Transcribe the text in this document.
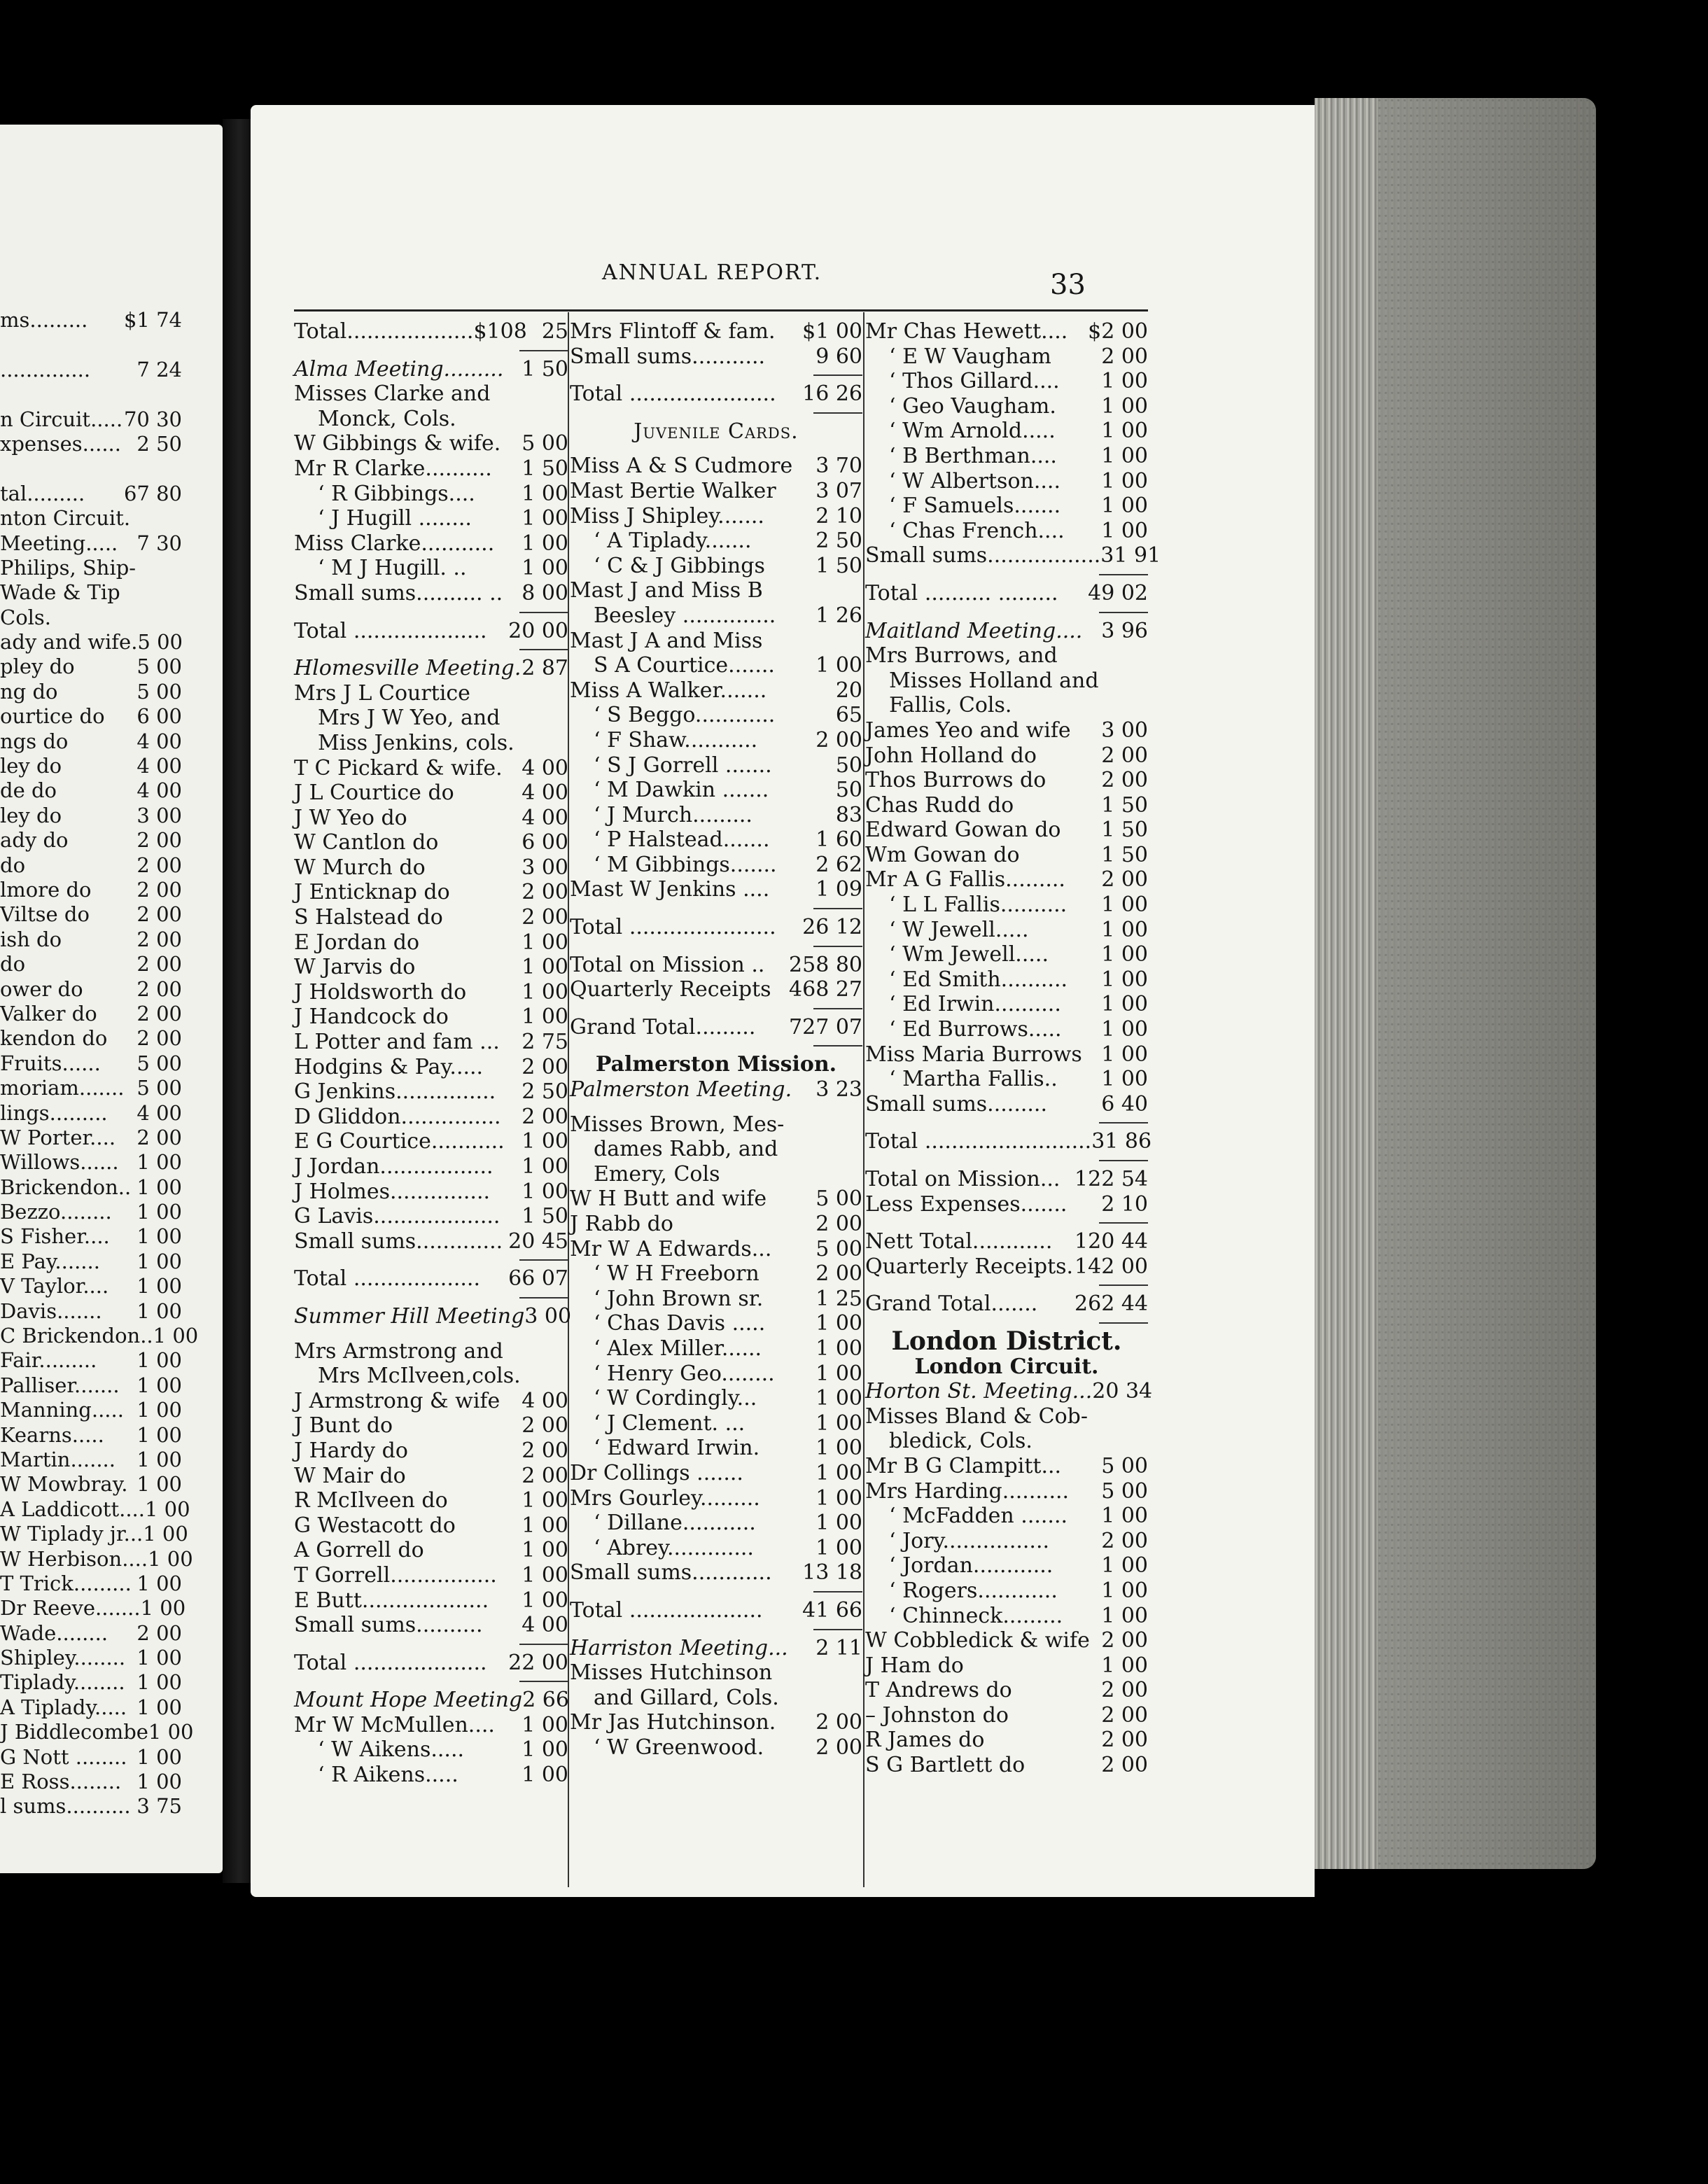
ms......... $1 74
.............. 7 24
n Circuit..... 70 30
xpenses...... 2 50
tal......... 67 80
nton Circuit.
Meeting..... 7 30
Philips, Ship-
Wade & Tip
Cols.
ady and wife. 5 00
pley do	5 00
ng do	5 00
ourtice do 6 00
ngs do	4 00
ley do	4 00
de do	4 00
ley do	3 00
ady do	2 00
do	2 00
lmore do 2 00
Viltse do 2 00
ish do	2 00
do	2 00
ower do	2 00
Valker do 2 00
kendon do 2 00
Fruits...... 5 00
moriam....... 5 00
lings......... 4 00
W Porter.... 2 00
Willows...... 1 00
Brickendon.. 1 00
Bezzo........ 1 00
S Fisher.... 1 00
E Pay....... 1 00
V Taylor.... 1 00
Davis....... 1 00
C Brickendon.. 1 00
Fair......... 1 00
Palliser....... 1 00
Manning..... 1 00
Kearns..... 1 00
Martin....... 1 00
W Mowbray. 1 00
A Laddicott.... 1 00
W Tiplady jr... 1 00
W Herbison.... 1 00
T Trick......... 1 00
Dr Reeve....... 1 00
Wade........ 2 00
Shipley........ 1 00
Tiplady........ 1 00
A Tiplady..... 1 00
J Biddlecombe 1 00
G Nott ........ 1 00
E Ross........ 1 00
l sums.......... 3 75
ANNUAL REPORT.	33
Total...................$108 25
Alma Meeting......... 1 50
Misses Clarke and
Monck, Cols.
W Gibbings & wife. 5 00
Mr R Clarke..........	1 50
‘ R Gibbings....	1 00
‘ J Hugill ........	1 00
Miss Clarke...........	1 00
‘ M J Hugill. ..	1 00
Small sums.......... .. 8 00
Total ....................	20 00
Hlomesville Meeting. 2 87
Mrs J L Courtice
Mrs J W Yeo, and
Miss Jenkins, cols.
T C Pickard & wife. 4 00
J L Courtice do	4 00
J W Yeo do	4 00
W Cantlon do	6 00
W Murch do	3 00
J Enticknap do	2 00
S Halstead do	2 00
E Jordan do	1 00
W Jarvis do	1 00
J Holdsworth do	1 00
J Handcock do	1 00
L Potter and fam ...	2 75
Hodgins & Pay.....	2 00
G Jenkins...............	2 50
D Gliddon............... 2 00
E G Courtice........... 1 00
J Jordan.................	1 00
J Holmes...............	1 00
G Lavis...................	1 50
Small sums............. 20 45
Total ...................	66 07
Summer Hill Meeting 3 00
Mrs Armstrong and
Mrs McIlveen,cols.
J Armstrong & wife	4 00
J Bunt do	2 00
J Hardy do	2 00
W Mair do	2 00
R McIlveen do	1 00
G Westacott do	1 00
A Gorrell do	1 00
T Gorrell................	1 00
E Butt...................	1 00
Small sums..........	4 00
Total ....................	22 00
Mount Hope Meeting 2 66
Mr W McMullen....	1 00
‘ W Aikens.....	1 00
‘ R Aikens.....	1 00
Mrs Flintoff & fam.	$1 00
Small sums...........	9 60
Total ......................	16 26
Juvenile Cards.
Miss A & S Cudmore	3 70
Mast Bertie Walker	3 07
Miss J Shipley.......	2 10
‘ A Tiplady.......	2 50
‘ C & J Gibbings	1 50
Mast J and Miss B
Beesley ..............	1 26
Mast J A and Miss
S A Courtice.......	1 00
Miss A Walker.......	20
‘ S Beggo............	65
‘ F Shaw...........	2 00
‘ S J Gorrell .......	50
‘ M Dawkin .......	50
‘ J Murch.........	83
‘ P Halstead.......	1 60
‘ M Gibbings.......	2 62
Mast W Jenkins ....	1 09
Total ......................	26 12
Total on Mission ..	258 80
Quarterly Receipts 468 27
Grand Total.........	727 07
Palmerston Mission.
Palmerston Meeting.	3 23
Misses Brown, Mes-
dames Rabb, and
Emery, Cols
W H Butt and wife	5 00
J Rabb do	2 00
Mr W A Edwards...	5 00
‘ W H Freeborn	2 00
‘ John Brown sr.	1 25
‘ Chas Davis .....	1 00
‘ Alex Miller......	1 00
‘ Henry Geo........	1 00
‘ W Cordingly...	1 00
‘ J Clement. ...	1 00
‘ Edward Irwin.	1 00
Dr Collings .......	1 00
Mrs Gourley.........	1 00
‘ Dillane...........	1 00
‘ Abrey.............	1 00
Small sums............	13 18
Total ....................	41 66
Harriston Meeting...	2 11
Misses Hutchinson
and Gillard, Cols.
Mr Jas Hutchinson.	2 00
‘ W Greenwood.	2 00
Mr Chas Hewett.... $2 00
‘ E W Vaugham	2 00
‘ Thos Gillard....	1 00
‘ Geo Vaugham.	1 00
‘ Wm Arnold.....	1 00
‘ B Berthman....	1 00
‘ W Albertson....	1 00
‘ F Samuels.......	1 00
‘ Chas French....	1 00
Small sums................. 31 91
Total .......... .........	49 02
Maitland Meeting.... 3 96
Mrs Burrows, and
Misses Holland and
Fallis, Cols.
James Yeo and wife	3 00
John Holland do	2 00
Thos Burrows do	2 00
Chas Rudd do	1 50
Edward Gowan do	1 50
Wm Gowan do	1 50
Mr A G Fallis.........	2 00
‘ L L Fallis..........	1 00
‘ W Jewell.....	1 00
‘ Wm Jewell.....	1 00
‘ Ed Smith..........	1 00
‘ Ed Irwin..........	1 00
‘ Ed Burrows.....	1 00
Miss Maria Burrows 1 00
‘ Martha Fallis..	1 00
Small sums.........	6 40
Total ......................... 31 86
Total on Mission... 122 54
Less Expenses.......	2 10
Nett Total............	120 44
Quarterly Receipts. 142 00
Grand Total.......	262 44
London District.
London Circuit.
Horton St. Meeting... 20 34
Misses Bland & Cob-
bledick, Cols.
Mr B G Clampitt...	5 00
Mrs Harding..........	5 00
‘ McFadden .......	1 00
‘ Jory................	2 00
‘ Jordan............	1 00
‘ Rogers............	1 00
‘ Chinneck.........	1 00
W Cobbledick & wife 2 00
J Ham do	1 00
T Andrews do	2 00
– Johnston do	2 00
R James do	2 00
S G Bartlett do	2 00
